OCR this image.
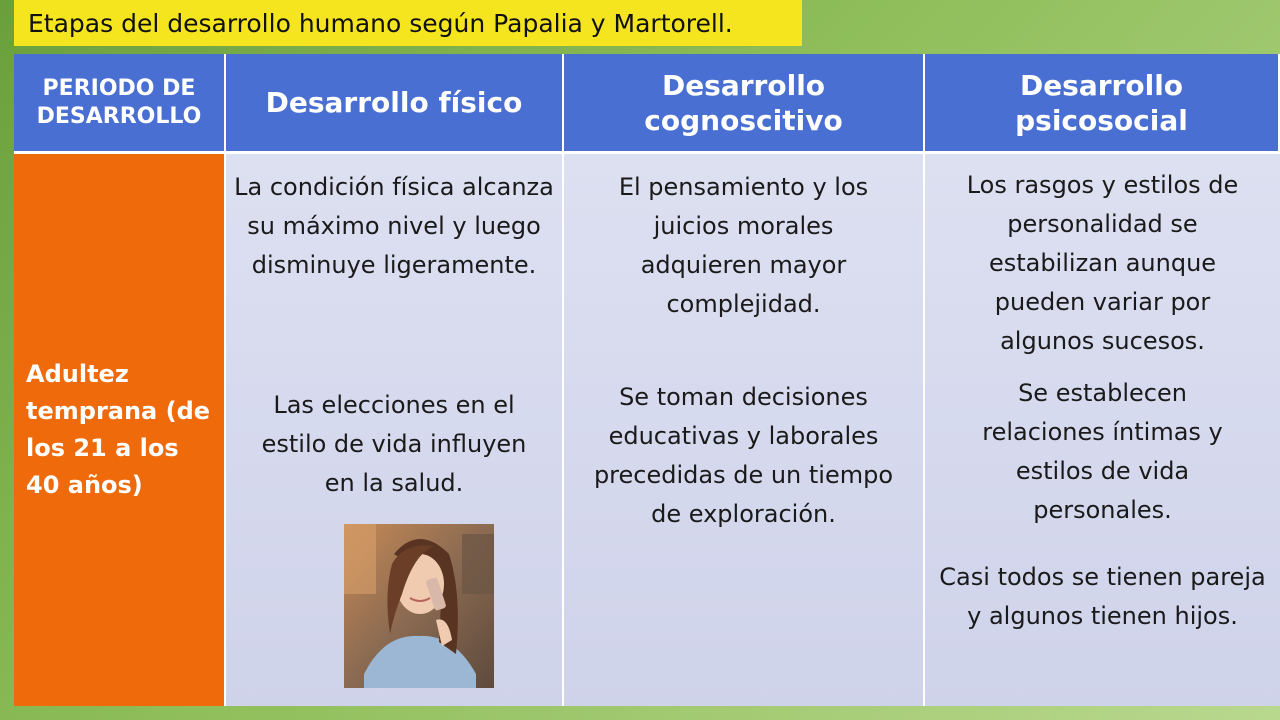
Etapas del desarrollo humano según Papalia y Martorell.
PERIODO DE DESARROLLO	Desarrollo físico
Desarrollo cognoscitivo
Desarrollo psicosocial
Adultez temprana (de los 21 a los 40 años)
La condición física alcanza su máximo nivel y luego disminuye ligeramente.
Las elecciones en el estilo de vida influyen en la salud.
El pensamiento y los juicios morales adquieren mayor complejidad.
Se toman decisiones educativas y laborales precedidas de un tiempo de exploración.
Los rasgos y estilos de personalidad se estabilizan aunque pueden variar por algunos sucesos.
Se establecen relaciones íntimas y estilos de vida personales.
Casi todos se tienen pareja y algunos tienen hijos.
